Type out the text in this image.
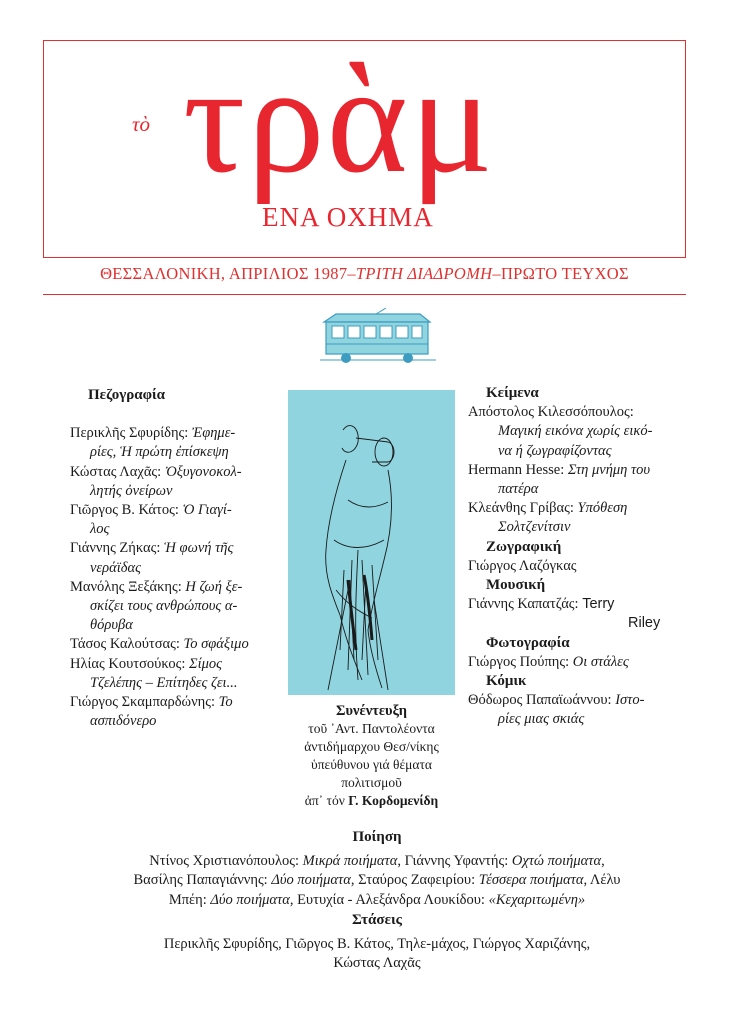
τὸ τρὰμ
ΕΝΑ ΟΧΗΜΑ
ΘΕΣΣΑΛΟΝΙΚΗ, ΑΠΡΙΛΙΟΣ 1987–ΤΡΙΤΗ ΔΙΑΔΡΟΜΗ–ΠΡΩΤΟ ΤΕΥΧΟΣ

Πεζογραφία

Περικλῆς Σφυρίδης: Ἐφημε-

ρίες, Ἡ πρώτη ἐπίσκεψη

Κώστας Λαχᾶς: Ὀξυγονοκολ-

λητής ὀνείρων

Γιῶργος Β. Κάτος: Ὁ Γιαγί-

λος

Γιάννης Ζήκας: Ἡ φωνή τῆς

νεράϊδας

Μανόλης Ξεξάκης: Η ζωή ξε-

σκίζει τους ανθρώπους α-

θόρυβα

Τάσος Καλούτσας: Το σφάξιμο

Ηλίας Κουτσούκος: Σίμος

Τζελέπης – Επίτηδες ζει...

Γιώργος Σκαμπαρδώνης: Το

ασπιδόνερο

Συνέντευξη

τοῦ ᾿Αντ. Παντολέοντα

ἀντιδήμαρχου Θεσ/νίκης

ὑπεύθυνου γιά θέματα

πολιτισμοῦ

ἀπ᾿ τόν Γ. Κορδομενίδη

Κείμενα

Απόστολος Κιλεσσόπουλος:

Μαγική εικόνα χωρίς εικό-

να ή ζωγραφίζοντας

Hermann Hesse: Στη μνήμη του

πατέρα

Κλεάνθης Γρίβας: Υπόθεση

Σολτζενίτσιν

Ζωγραφική

Γιώργος Λαζόγκας

Μουσική

Γιάννης Καπατζάς: Terry

Riley

Φωτογραφία

Γιώργος Πούπης: Οι στάλες

Κόμικ

Θόδωρος Παπαϊωάννου: Ιστο-

ρίες μιας σκιάς

Ποίηση

Ντίνος Χριστιανόπουλος: Μικρά ποιήματα, Γιάννης Υφαντής: Οχτώ ποιήματα,

Βασίλης Παπαγιάννης: Δύο ποιήματα, Σταύρος Ζαφειρίου: Τέσσερα ποιήματα, Λέλυ

Μπέη: Δύο ποιήματα, Ευτυχία - Αλεξάνδρα Λουκίδου: «Κεχαριτωμένη»

Στάσεις

Περικλῆς Σφυρίδης, Γιῶργος Β. Κάτος, Τηλε-μάχος, Γιώργος Χαριζάνης,

Κώστας Λαχᾶς
